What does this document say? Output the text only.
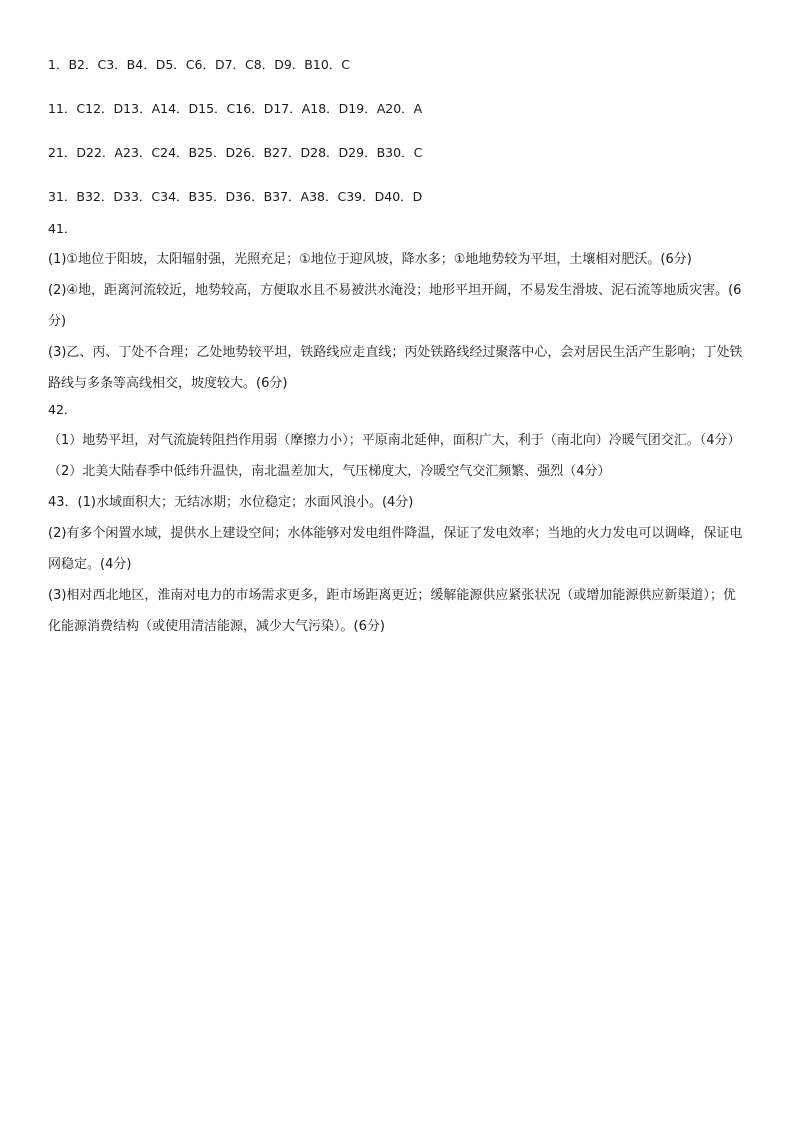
1．B2．C3．B4．D5．C6．D7．C8．D9．B10．C

11．C12．D13．A14．D15．C16．D17．A18．D19．A20．A

21．D22．A23．C24．B25．D26．B27．D28．D29．B30．C

31．B32．D33．C34．B35．D36．B37．A38．C39．D40．D

41．

(1)①地位于阳坡，太阳辐射强，光照充足；①地位于迎风坡，降水多；①地地势较为平坦，土壤相对肥沃。(6分)

(2)④地，距离河流较近，地势较高，方便取水且不易被洪水淹没；地形平坦开阔，不易发生滑坡、泥石流等地质灾害。(6分)

(3)乙、丙、丁处不合理；乙处地势较平坦，铁路线应走直线；丙处铁路线经过聚落中心，会对居民生活产生影响；丁处铁路线与多条等高线相交，坡度较大。(6分)

42．

（1）地势平坦，对气流旋转阻挡作用弱（摩擦力小）；平原南北延伸，面积广大，利于（南北向）冷暖气团交汇。（4分）

（2）北美大陆春季中低纬升温快，南北温差加大，气压梯度大，冷暖空气交汇频繁、强烈（4分）

43．(1)水域面积大；无结冰期；水位稳定；水面风浪小。(4分)

(2)有多个闲置水域，提供水上建设空间；水体能够对发电组件降温，保证了发电效率；当地的火力发电可以调峰，保证电网稳定。(4分)

(3)相对西北地区，淮南对电力的市场需求更多，距市场距离更近；缓解能源供应紧张状况（或增加能源供应新渠道）；优化能源消费结构（或使用清洁能源，减少大气污染）。(6分)
